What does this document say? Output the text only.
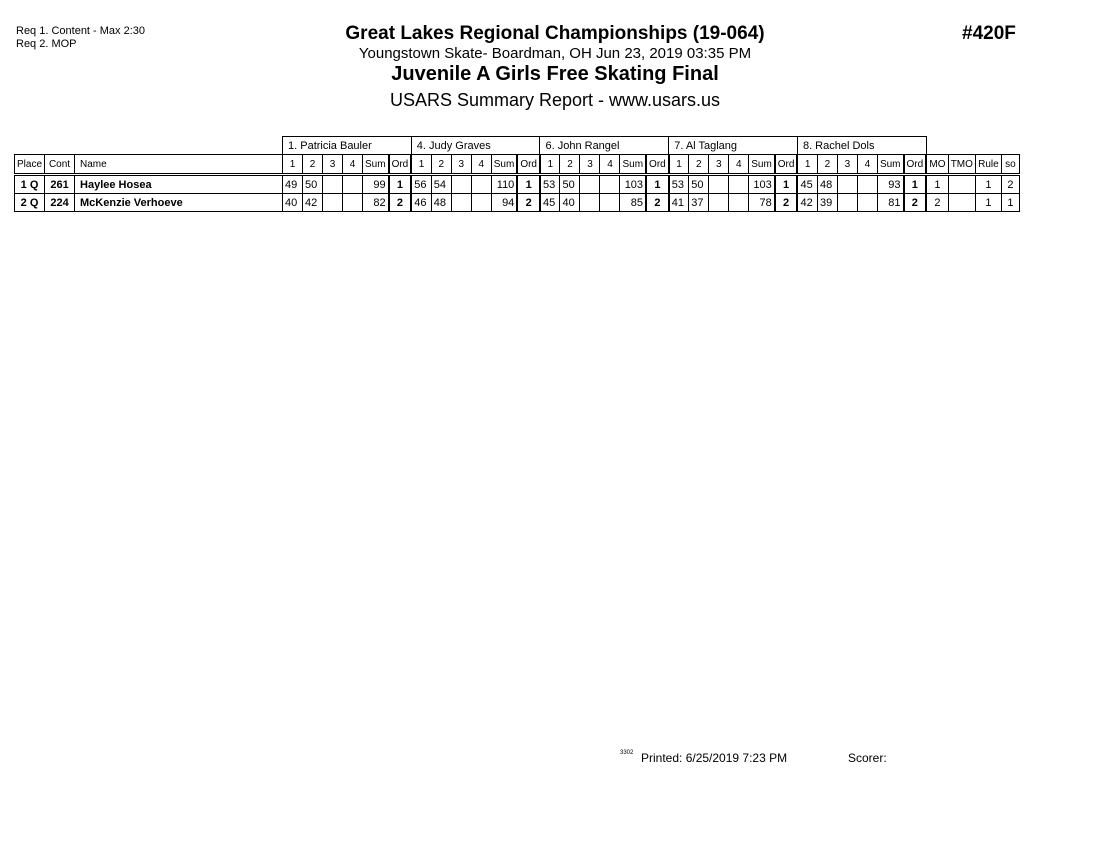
Req 1. Content - Max 2:30
Req 2. MOP	Great Lakes Regional Championships (19-064)
Youngstown Skate- Boardman, OH Jun 23, 2019 03:35 PM
Juvenile A Girls Free Skating Final
USARS Summary Report - www.usars.us
#420F
			1. Patricia Bauler						4. Judy Graves						6. John Rangel						7. Al Taglang						8. Rachel Dols									
Place	Cont	Name	1	2	3	4	Sum	Ord	1	2	3	4	Sum	Ord	1	2	3	4	Sum	Ord	1	2	3	4	Sum	Ord	1	2	3	4	Sum	Ord	MO	TMO	Rule	so
1 Q	261	Haylee Hosea	49	50			99	1	56	54			110	1	53	50			103	1	53	50			103	1	45	48			93	1	1		1	2
2 Q	224	McKenzie Verhoeve	40	42			82	2	46	48			94	2	45	40			85	2	41	37			78	2	42	39			81	2	2		1	1
3302 Printed: 6/25/2019 7:23 PM	Scorer:
